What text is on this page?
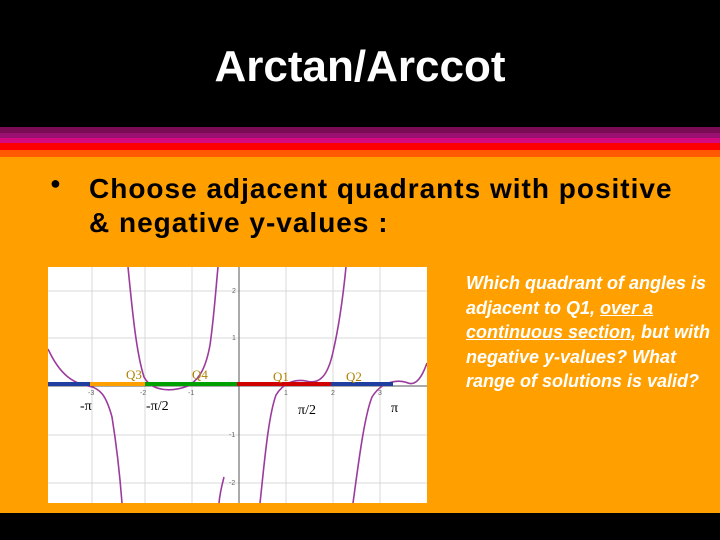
Arctan/Arccot
● Choose adjacent quadrants with positive & negative y-values :
Q3	Q4	Q1	Q2
-π	-π/2	π/2	π
-3	-2	-1	1	2	3
2
1
-1
-2
Which quadrant of angles is adjacent to Q1, over a continuous section, but with negative y-values? What range of solutions is valid?
